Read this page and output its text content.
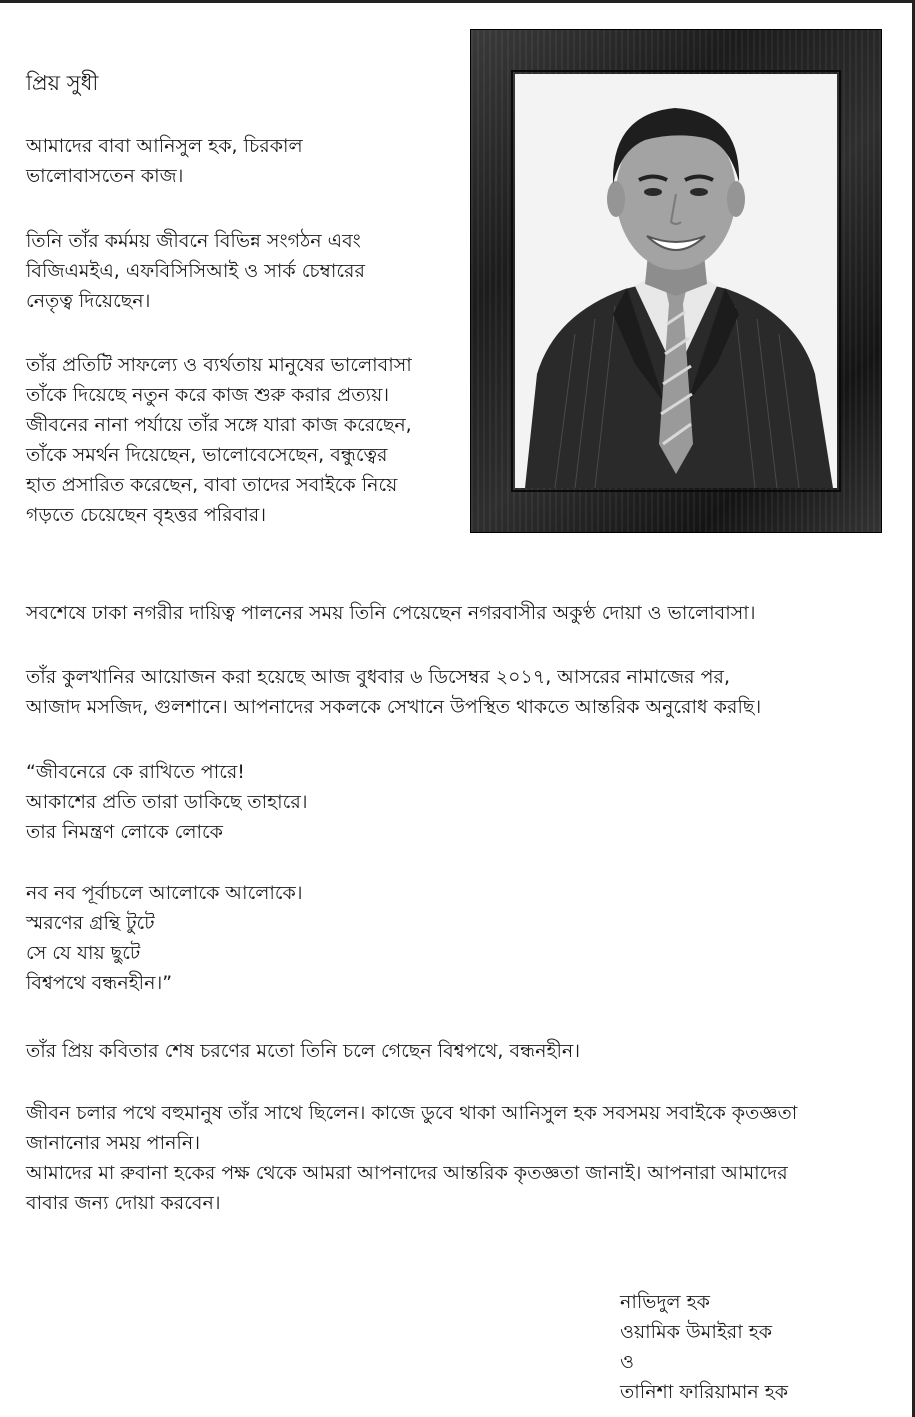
প্রিয় সুধী

আমাদের বাবা আনিসুল হক, চিরকাল
ভালোবাসতেন কাজ।

তিনি তাঁর কর্মময় জীবনে বিভিন্ন সংগঠন এবং
বিজিএমইএ, এফবিসিসিআই ও সার্ক চেম্বারের
নেতৃত্ব দিয়েছেন।

তাঁর প্রতিটি সাফল্যে ও ব্যর্থতায় মানুষের ভালোবাসা
তাঁকে দিয়েছে নতুন করে কাজ শুরু করার প্রত্যয়।
জীবনের নানা পর্যায়ে তাঁর সঙ্গে যারা কাজ করেছেন,
তাঁকে সমর্থন দিয়েছেন, ভালোবেসেছেন, বন্ধুত্বের
হাত প্রসারিত করেছেন, বাবা তাদের সবাইকে নিয়ে
গড়তে চেয়েছেন বৃহত্তর পরিবার।

সবশেষে ঢাকা নগরীর দায়িত্ব পালনের সময় তিনি পেয়েছেন নগরবাসীর অকুণ্ঠ দোয়া ও ভালোবাসা।

তাঁর কুলখানির আয়োজন করা হয়েছে আজ বুধবার ৬ ডিসেম্বর ২০১৭, আসরের নামাজের পর,
আজাদ মসজিদ, গুলশানে। আপনাদের সকলকে সেখানে উপস্থিত থাকতে আন্তরিক অনুরোধ করছি।

“জীবনেরে কে রাখিতে পারে!
আকাশের প্রতি তারা ডাকিছে তাহারে।
তার নিমন্ত্রণ লোকে লোকে

নব নব পূর্বাচলে আলোকে আলোকে।
স্মরণের গ্রন্থি টুটে
সে যে যায় ছুটে
বিশ্বপথে বন্ধনহীন।”

তাঁর প্রিয় কবিতার শেষ চরণের মতো তিনি চলে গেছেন বিশ্বপথে, বন্ধনহীন।

জীবন চলার পথে বহুমানুষ তাঁর সাথে ছিলেন। কাজে ডুবে থাকা আনিসুল হক সবসময় সবাইকে কৃতজ্ঞতা
জানানোর সময় পাননি।
আমাদের মা রুবানা হকের পক্ষ থেকে আমরা আপনাদের আন্তরিক কৃতজ্ঞতা জানাই। আপনারা আমাদের
বাবার জন্য দোয়া করবেন।

নাভিদুল হক
ওয়ামিক উমাইরা হক
ও
তানিশা ফারিয়ামান হক
